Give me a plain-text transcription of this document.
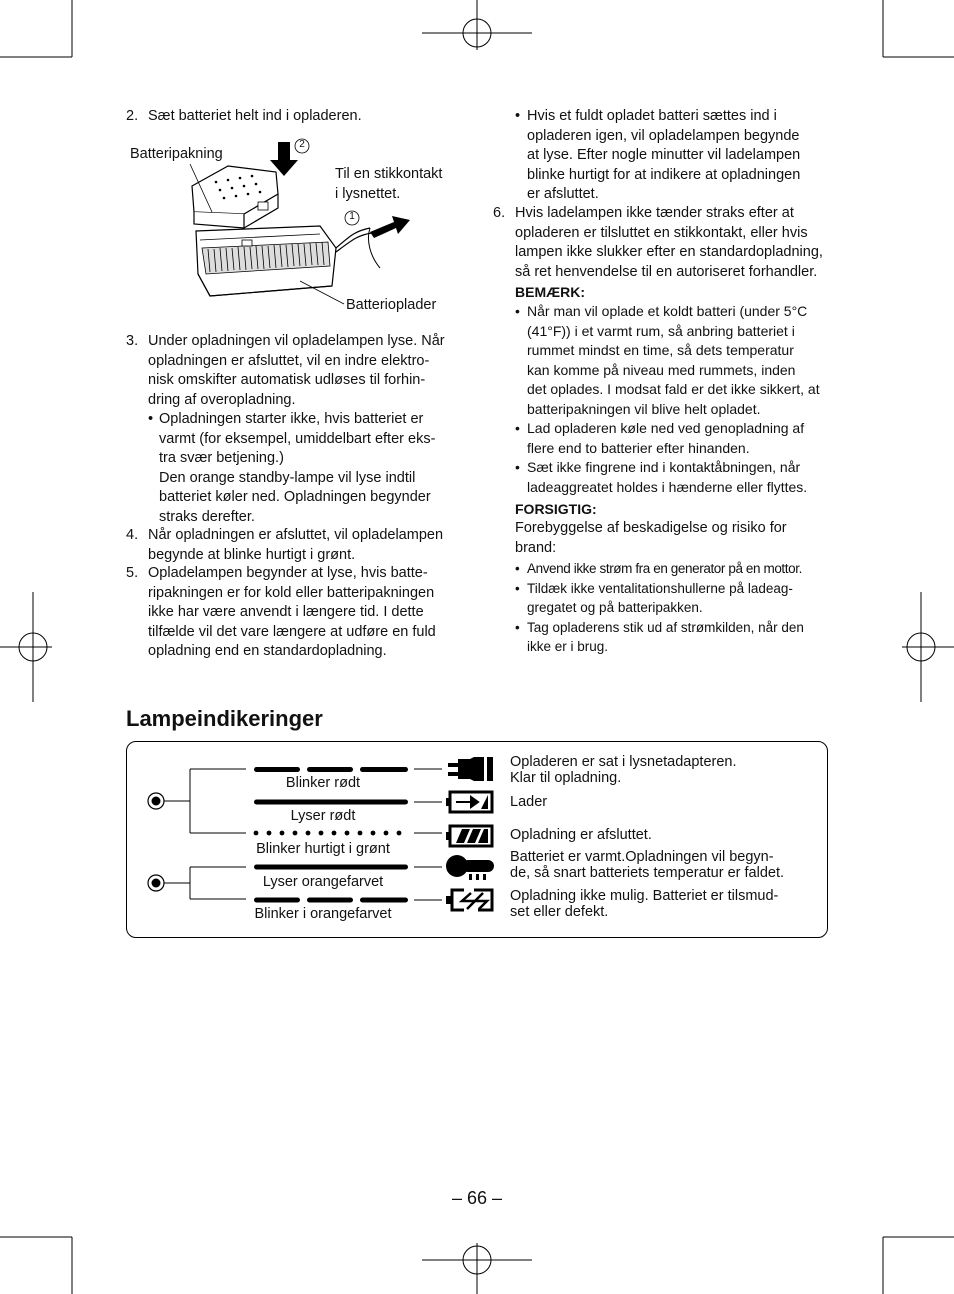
2. Sæt batteriet helt ind i opladeren.
Batteripakning
Til en stikkontakt
i lysnettet.
Batterioplader
2
1
3. Under opladningen vil opladelampen lyse. Når
opladningen er afsluttet, vil en indre elektro-
nisk omskifter automatisk udløses til forhin-
dring af overopladning.
• Opladningen starter ikke, hvis batteriet er
varmt (for eksempel, umiddelbart efter eks-
tra svær betjening.)
Den orange standby-lampe vil lyse indtil
batteriet køler ned. Opladningen begynder
straks derefter.
4. Når opladningen er afsluttet, vil opladelampen
begynde at blinke hurtigt i grønt.
5. Opladelampen begynder at lyse, hvis batte-
ripakningen er for kold eller batteripakningen
ikke har være anvendt i længere tid. I dette
tilfælde vil det vare længere at udføre en fuld
opladning end en standardopladning.
• Hvis et fuldt opladet batteri sættes ind i
opladeren igen, vil opladelampen begynde
at lyse. Efter nogle minutter vil ladelampen
blinke hurtigt for at indikere at opladningen
er afsluttet.
6. Hvis ladelampen ikke tænder straks efter at
opladeren er tilsluttet en stikkontakt, eller hvis
lampen ikke slukker efter en standardopladning,
så ret henvendelse til en autoriseret forhandler.
BEMÆRK:
• Når man vil oplade et koldt batteri (under 5°C
(41°F)) i et varmt rum, så anbring batteriet i
rummet mindst en time, så dets temperatur
kan komme på niveau med rummets, inden
det oplades. I modsat fald er det ikke sikkert, at
batteripakningen vil blive helt opladet.
• Lad opladeren køle ned ved genopladning af
flere end to batterier efter hinanden.
• Sæt ikke fingrene ind i kontaktåbningen, når
ladeaggreatet holdes i hænderne eller flyttes.
FORSIGTIG:
Forebyggelse af beskadigelse og risiko for
brand:
• Anvend ikke strøm fra en generator på en mottor.
• Tildæk ikke ventalitationshullerne på ladeag-
gregatet og på batteripakken.
• Tag opladerens stik ud af strømkilden, når den
ikke er i brug.
Lampeindikeringer
Blinker rødt
Lyser rødt
Blinker hurtigt i grønt
Lyser orangefarvet
Blinker i orangefarvet
Opladeren er sat i lysnetadapteren.
Klar til opladning.
Lader
Opladning er afsluttet.
Batteriet er varmt.Opladningen vil begyn-
de, så snart batteriets temperatur er faldet.
Opladning ikke mulig. Batteriet er tilsmud-
set eller defekt.
– 66 –
